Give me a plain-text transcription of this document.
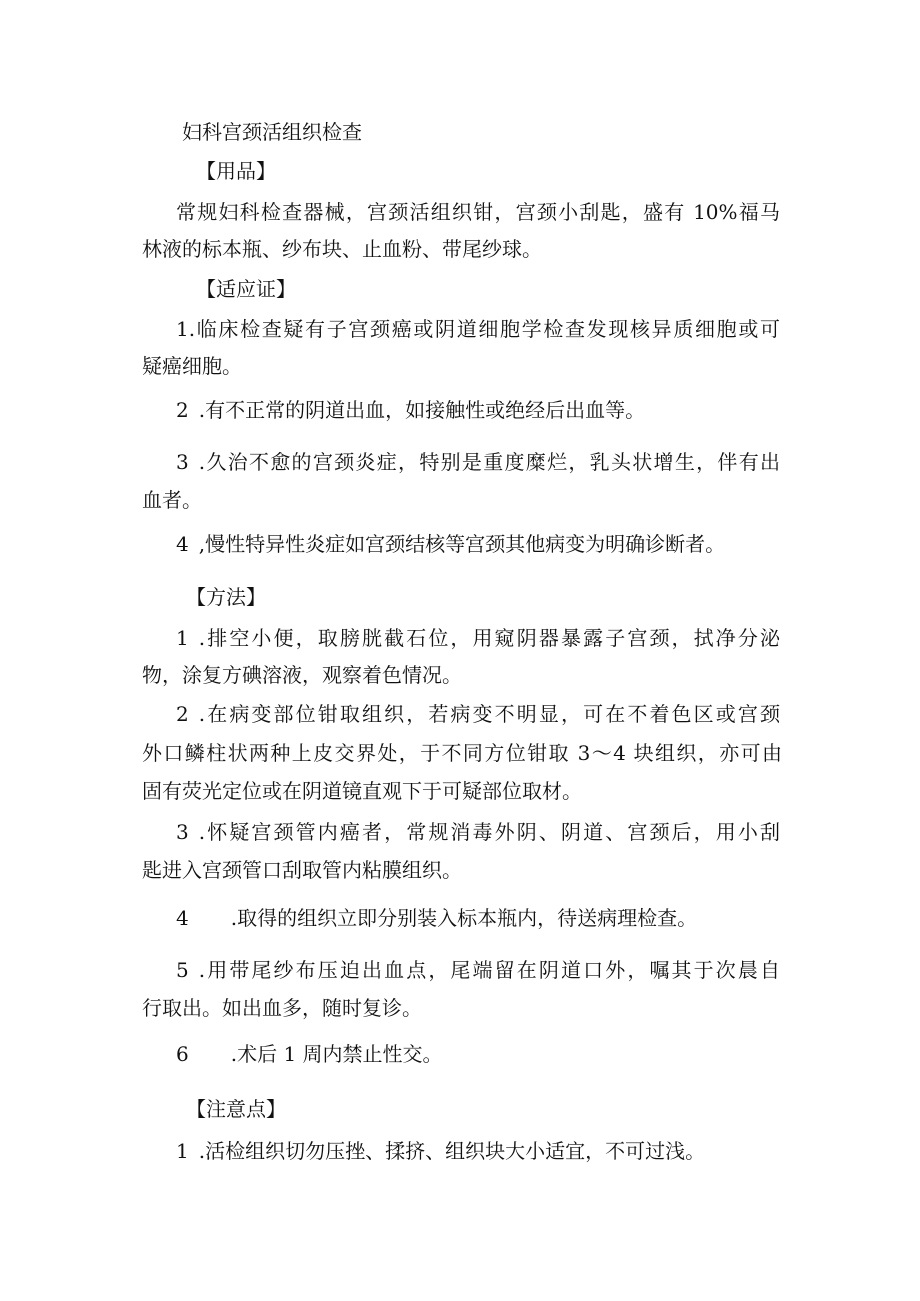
妇科宫颈活组织检查

【用品】

常规妇科检查器械，宫颈活组织钳，宫颈小刮匙，盛有 10%福马

林液的标本瓶、纱布块、止血粉、带尾纱球。

【适应证】

1.临床检查疑有子宫颈癌或阴道细胞学检查发现核异质细胞或可

疑癌细胞。

2 .有不正常的阴道出血，如接触性或绝经后出血等。

3 .久治不愈的宫颈炎症，特别是重度糜烂，乳头状增生，伴有出

血者。

4 ,慢性特异性炎症如宫颈结核等宫颈其他病变为明确诊断者。

【方法】

1 .排空小便，取膀胱截石位，用窥阴器暴露子宫颈，拭净分泌

物，涂复方碘溶液，观察着色情况。

2 .在病变部位钳取组织，若病变不明显，可在不着色区或宫颈

外口鳞柱状两种上皮交界处，于不同方位钳取 3～4 块组织，亦可由

固有荧光定位或在阴道镜直观下于可疑部位取材。

3 .怀疑宫颈管内癌者，常规消毒外阴、阴道、宫颈后，用小刮

匙进入宫颈管口刮取管内粘膜组织。

4 .取得的组织立即分别装入标本瓶内，待送病理检查。

5 .用带尾纱布压迫出血点，尾端留在阴道口外，嘱其于次晨自

行取出。如出血多，随时复诊。

6 .术后 1 周内禁止性交。

【注意点】

1 .活检组织切勿压挫、揉挤、组织块大小适宜，不可过浅。
